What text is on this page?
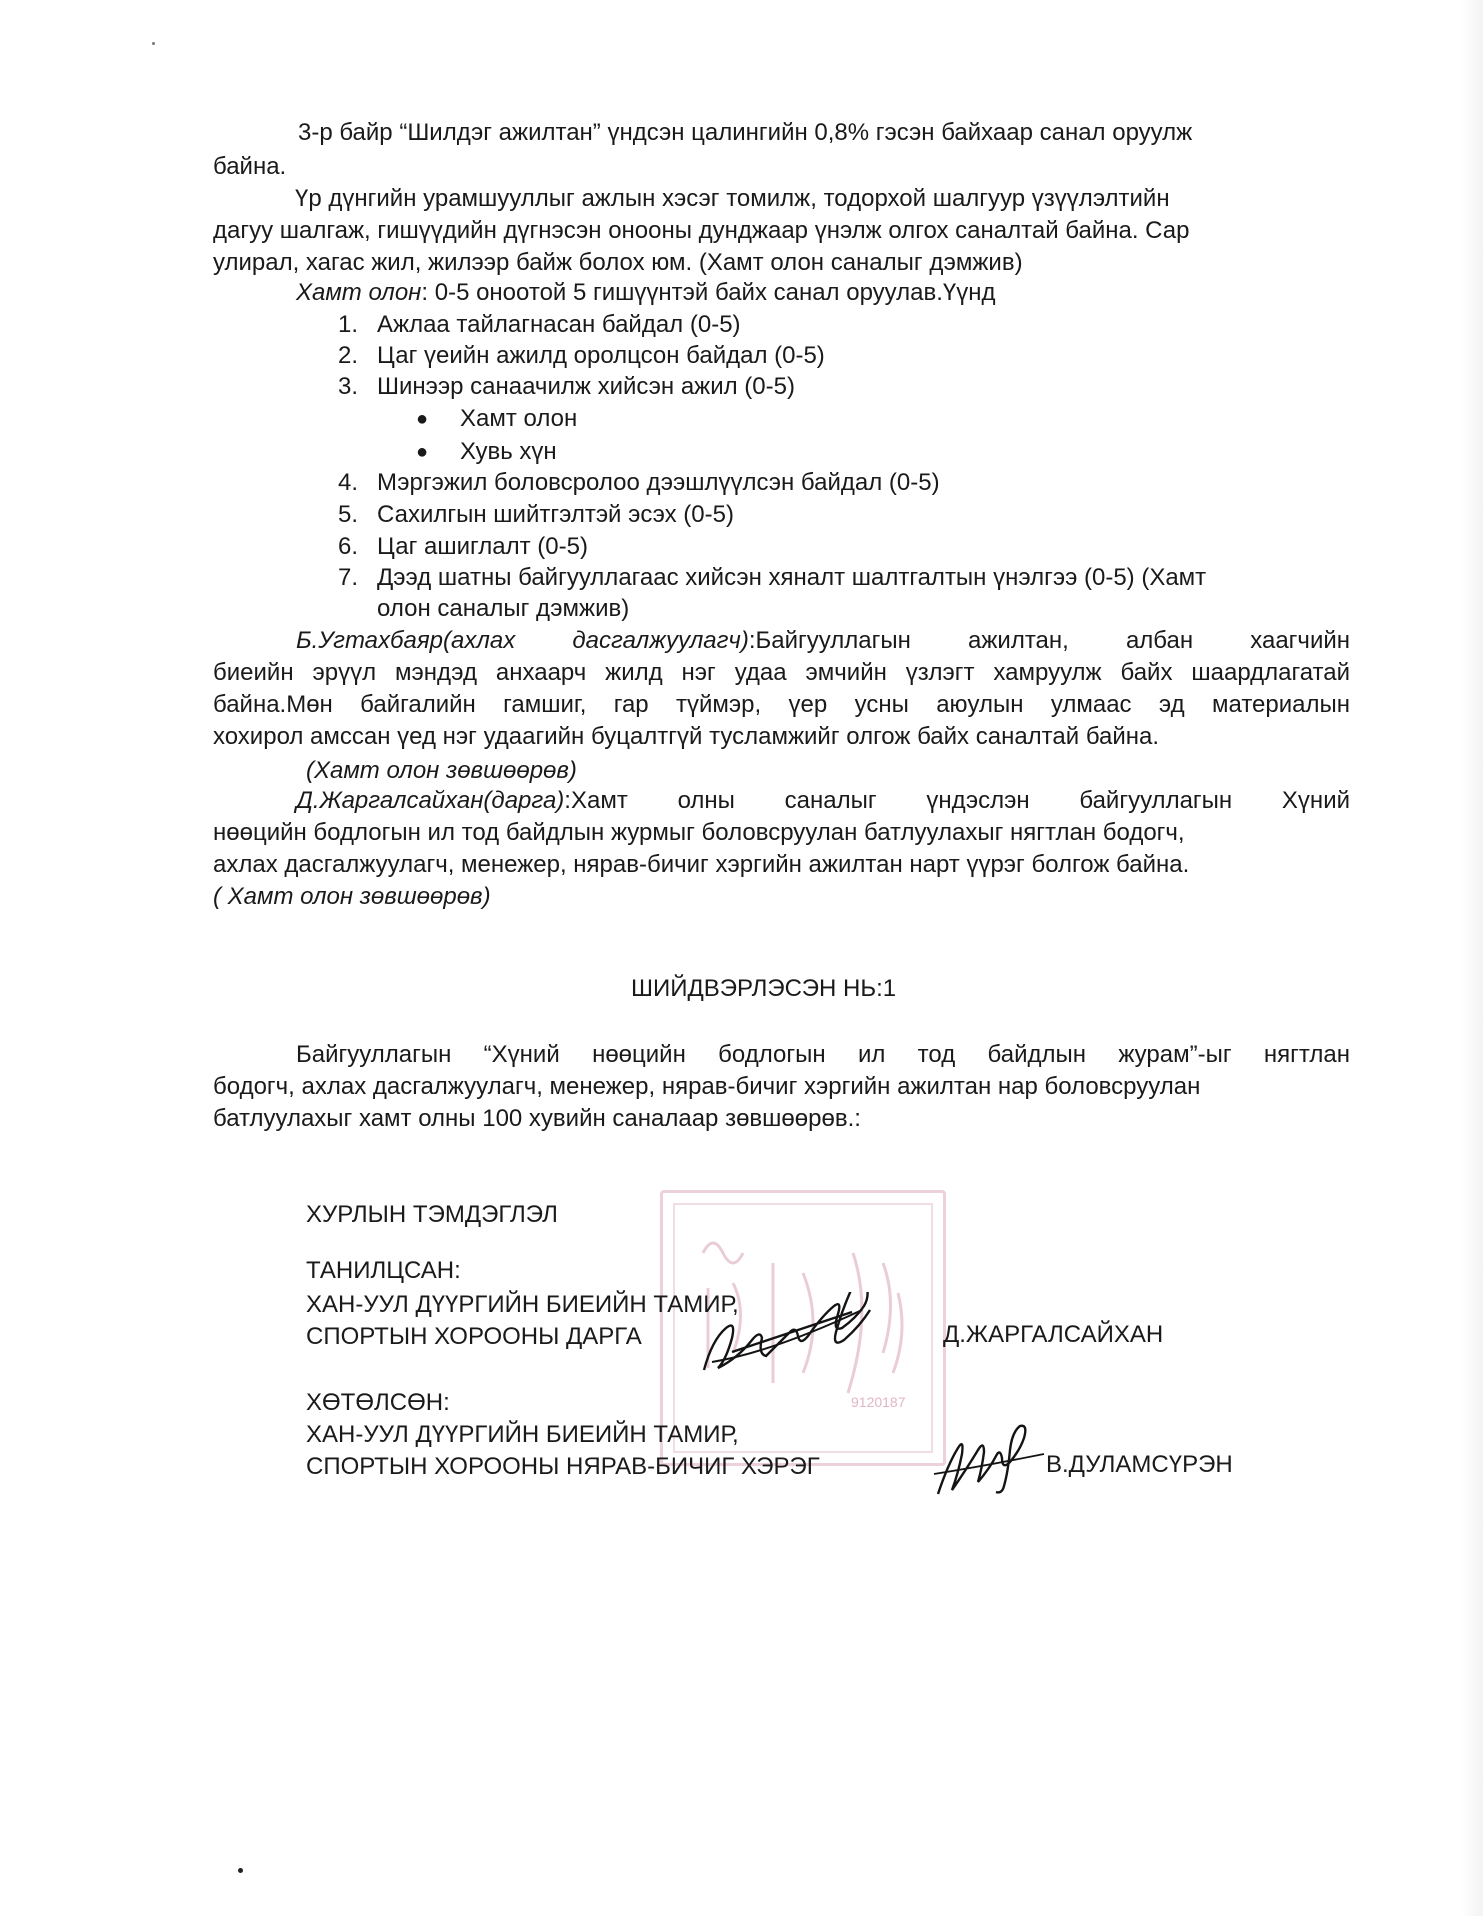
3-р байр “Шилдэг ажилтан” үндсэн цалингийн 0,8% гэсэн байхаар санал оруулж
байна.
Үр дүнгийн урамшууллыг ажлын хэсэг томилж, тодорхой шалгуур үзүүлэлтийн
дагуу шалгаж, гишүүдийн дүгнэсэн онооны дунджаар үнэлж олгох саналтай байна. Сар
улирал, хагас жил, жилээр байж болох юм. (Хамт олон саналыг дэмжив)
Хамт олон: 0-5 оноотой 5 гишүүнтэй байх санал оруулав.Үүнд
1. Ажлаа тайлагнасан байдал (0-5)
2. Цаг үеийн ажилд оролцсон байдал (0-5)
3. Шинээр санаачилж хийсэн ажил (0-5)
● Хамт олон
● Хувь хүн
4. Мэргэжил боловсролоо дээшлүүлсэн байдал (0-5)
5. Сахилгын шийтгэлтэй эсэх (0-5)
6. Цаг ашиглалт (0-5)
7. Дээд шатны байгууллагаас хийсэн хяналт шалтгалтын үнэлгээ (0-5) (Хамт
олон саналыг дэмжив)
Б.Угтахбаяр(ахлах дасгалжуулагч):Байгууллагын ажилтан, албан хаагчийн
биеийн эрүүл мэндэд анхаарч жилд нэг удаа эмчийн үзлэгт хамруулж байх шаардлагатай
байна.Мөн байгалийн гамшиг, гар түймэр, үер усны аюулын улмаас эд материалын
хохирол амссан үед нэг удаагийн буцалтгүй тусламжийг олгож байх саналтай байна.
(Хамт олон зөвшөөрөв)
Д.Жаргалсайхан(дарга):Хамт олны саналыг үндэслэн байгууллагын Хүний
нөөцийн бодлогын ил тод байдлын журмыг боловсруулан батлуулахыг нягтлан бодогч,
ахлах дасгалжуулагч, менежер, нярав-бичиг хэргийн ажилтан нарт үүрэг болгож байна.
( Хамт олон зөвшөөрөв)
ШИЙДВЭРЛЭСЭН НЬ:1
Байгууллагын “Хүний нөөцийн бодлогын ил тод байдлын журам”-ыг нягтлан
бодогч, ахлах дасгалжуулагч, менежер, нярав-бичиг хэргийн ажилтан нар боловсруулан
батлуулахыг хамт олны 100 хувийн саналаар зөвшөөрөв.:
9120187
ХУРЛЫН ТЭМДЭГЛЭЛ
ТАНИЛЦСАН:
ХАН-УУЛ ДҮҮРГИЙН БИЕИЙН ТАМИР,
СПОРТЫН ХОРООНЫ ДАРГА	Д.ЖАРГАЛСАЙХАН
ХӨТӨЛСӨН:
ХАН-УУЛ ДҮҮРГИЙН БИЕИЙН ТАМИР,
СПОРТЫН ХОРООНЫ НЯРАВ-БИЧИГ ХЭРЭГ	В.ДУЛАМСҮРЭН
